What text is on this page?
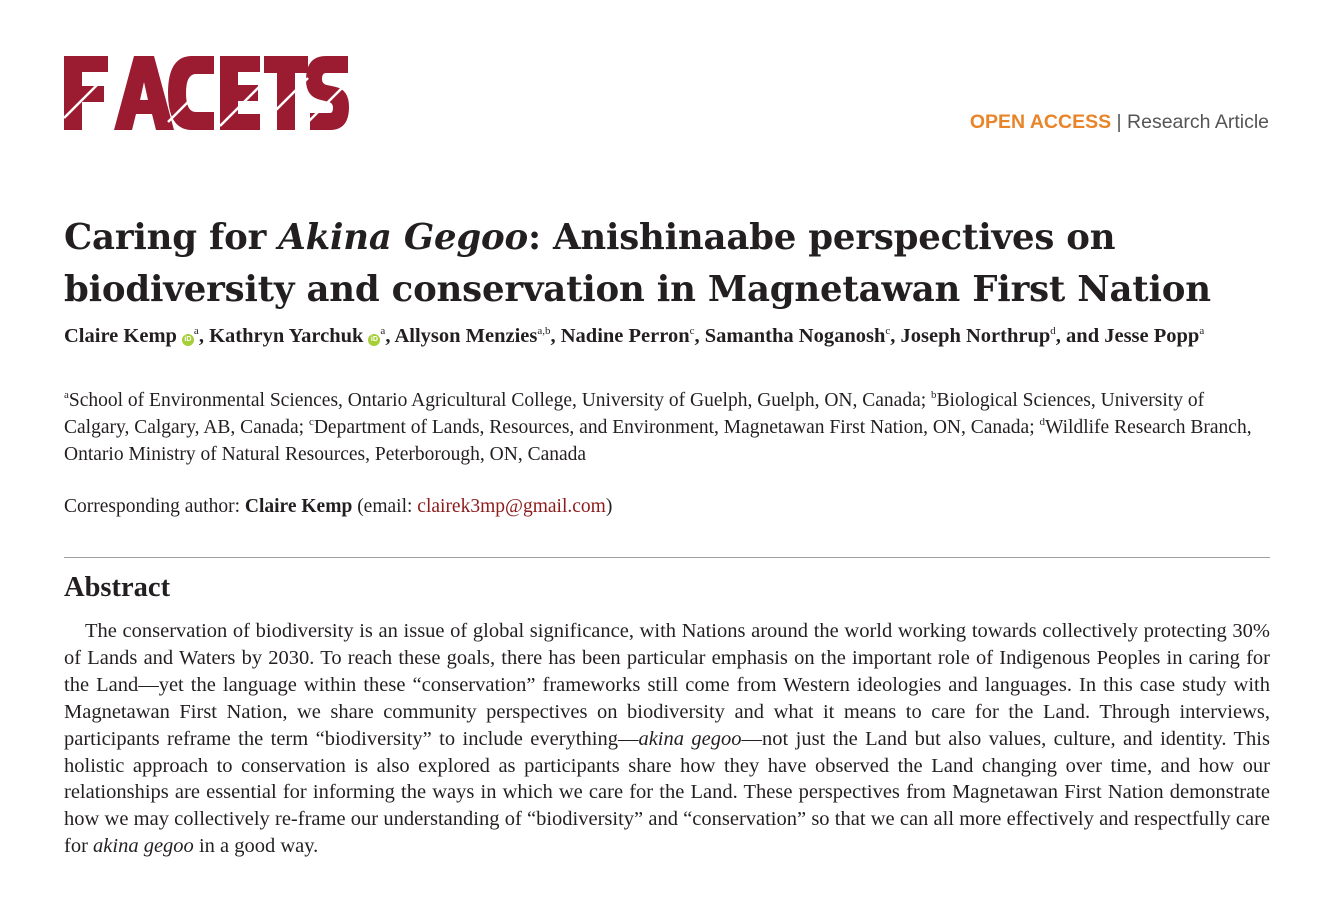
OPEN ACCESS | Research Article
Caring for Akina Gegoo: Anishinaabe perspectives on biodiversity and conservation in Magnetawan First Nation
Claire Kemp $iD^a$, Kathryn Yarchuk $iD^a$, Allyson Menzies$^{a,b}$, Nadine Perron$^c$, Samantha Noganosh$^c$, Joseph Northrup$^d$, and Jesse Popp$^a$
$^a$School of Environmental Sciences, Ontario Agricultural College, University of Guelph, Guelph, ON, Canada; $^b$Biological Sciences, University of Calgary, Calgary, AB, Canada; $^c$Department of Lands, Resources, and Environment, Magnetawan First Nation, ON, Canada; $^d$Wildlife Research Branch, Ontario Ministry of Natural Resources, Peterborough, ON, Canada
Corresponding author: Claire Kemp (email: clairek3mp@gmail.com)
Abstract

The conservation of biodiversity is an issue of global significance, with Nations around the world working towards collectively protecting 30% of Lands and Waters by 2030. To reach these goals, there has been particular emphasis on the important role of Indigenous Peoples in caring for the Land—yet the language within these “conservation” frameworks still come from Western ideologies and languages. In this case study with Magnetawan First Nation, we share community perspectives on biodiversity and what it means to care for the Land. Through interviews, participants reframe the term “biodiversity” to include everything—akina gegoo—not just the Land but also values, culture, and identity. This holistic approach to conservation is also explored as participants share how they have observed the Land changing over time, and how our relationships are essential for informing the ways in which we care for the Land. These perspectives from Magnetawan First Nation demonstrate how we may collectively re-frame our understanding of “biodiversity” and “conservation” so that we can all more effectively and respectfully care for akina gegoo in a good way.
